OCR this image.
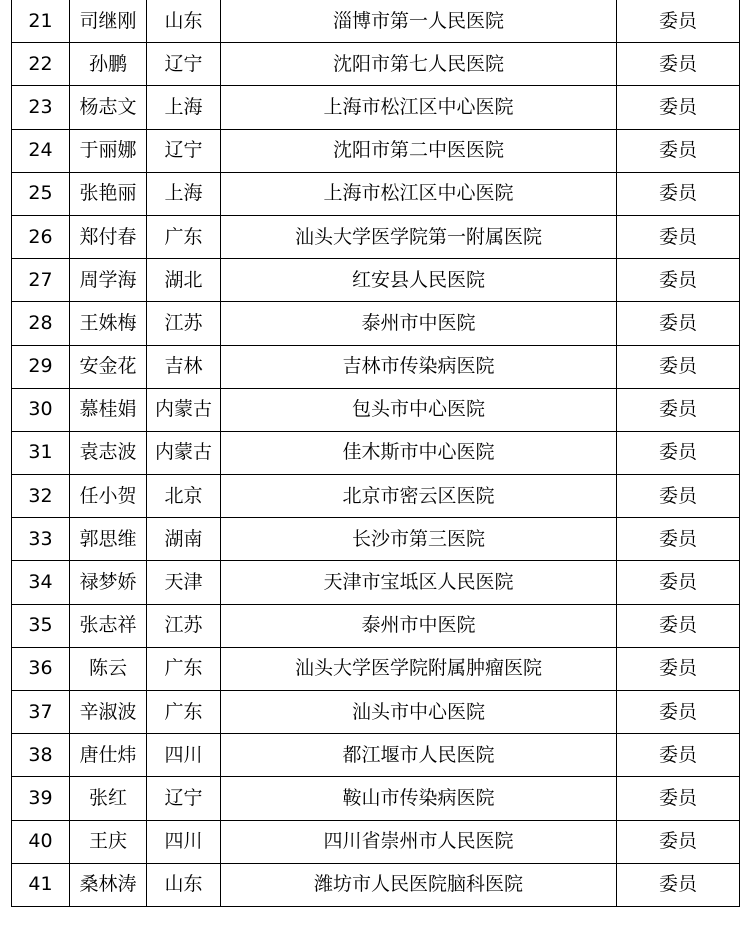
21	司继刚	山东	淄博市第一人民医院	委员
22	孙鹏	辽宁	沈阳市第七人民医院	委员
23	杨志文	上海	上海市松江区中心医院	委员
24	于丽娜	辽宁	沈阳市第二中医医院	委员
25	张艳丽	上海	上海市松江区中心医院	委员
26	郑付春	广东	汕头大学医学院第一附属医院	委员
27	周学海	湖北	红安县人民医院	委员
28	王姝梅	江苏	泰州市中医院	委员
29	安金花	吉林	吉林市传染病医院	委员
30	慕桂娟	内蒙古	包头市中心医院	委员
31	袁志波	内蒙古	佳木斯市中心医院	委员
32	任小贺	北京	北京市密云区医院	委员
33	郭思维	湖南	长沙市第三医院	委员
34	禄梦娇	天津	天津市宝坻区人民医院	委员
35	张志祥	江苏	泰州市中医院	委员
36	陈云	广东	汕头大学医学院附属肿瘤医院	委员
37	辛淑波	广东	汕头市中心医院	委员
38	唐仕炜	四川	都江堰市人民医院	委员
39	张红	辽宁	鞍山市传染病医院	委员
40	王庆	四川	四川省崇州市人民医院	委员
41	桑林涛	山东	潍坊市人民医院脑科医院	委员
